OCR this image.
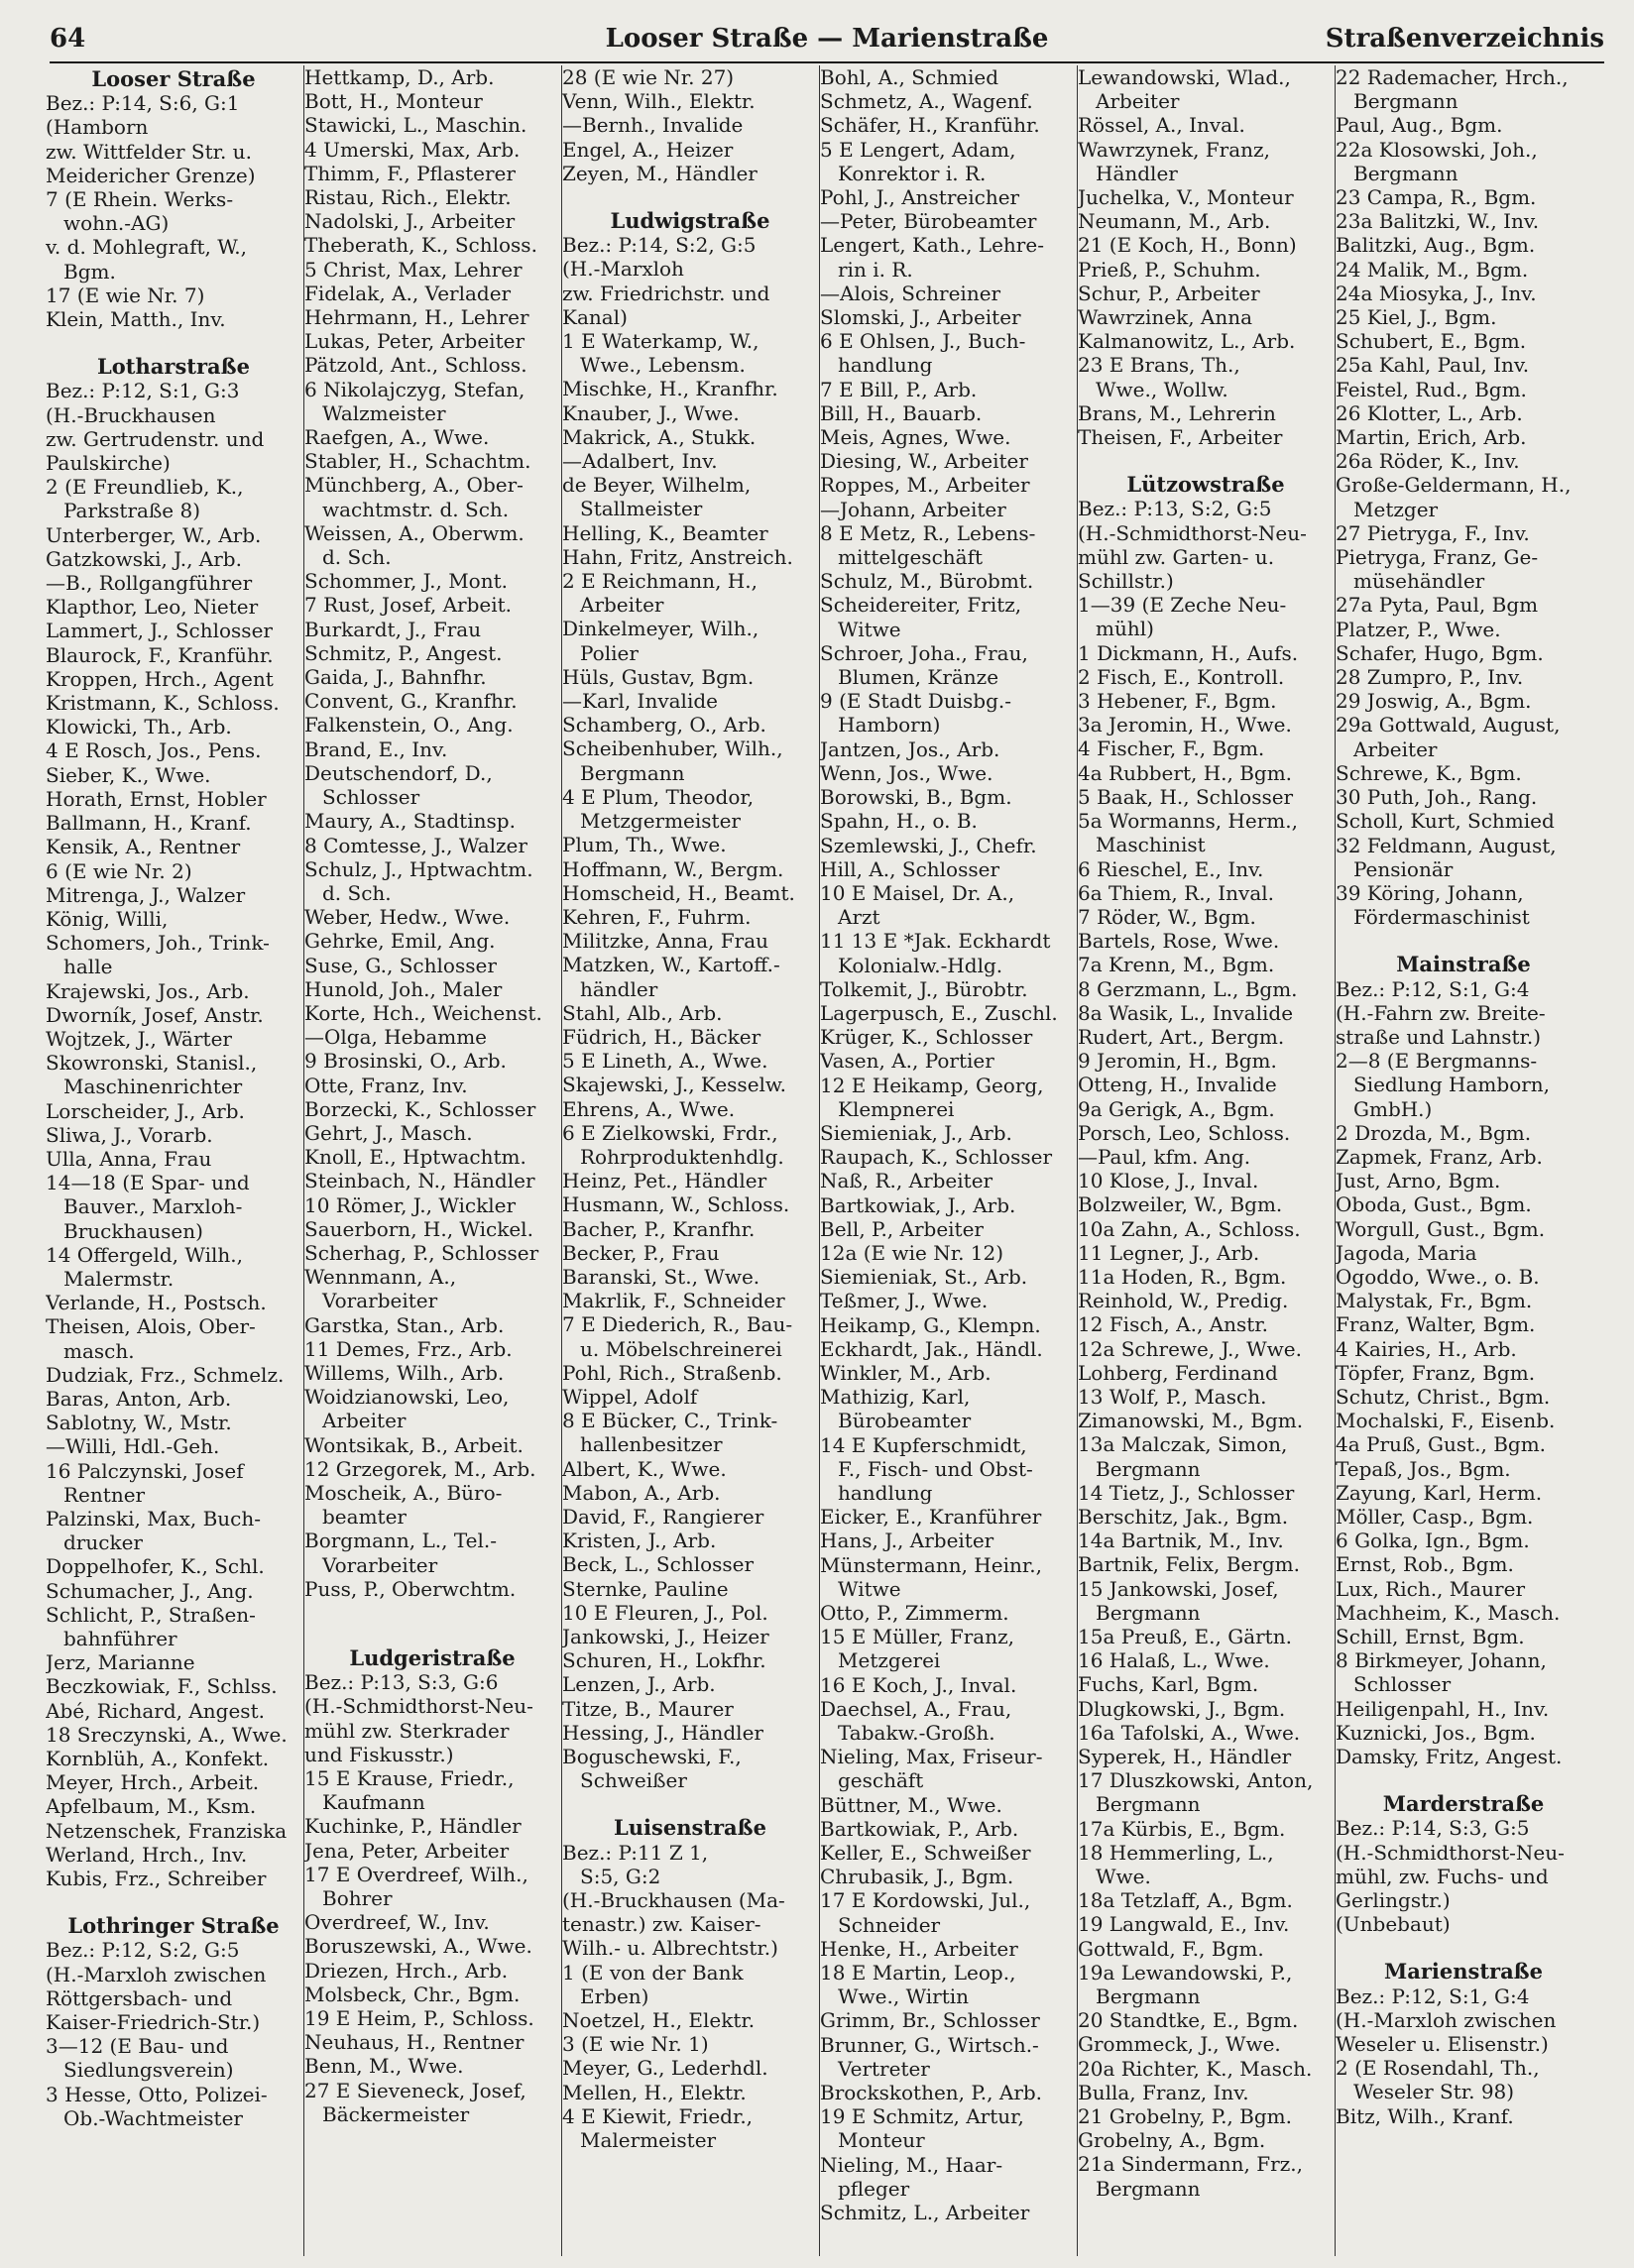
64	Looser Straße — Marienstraße	Straßenverzeichnis
Looser Straße
Bez.: P:14, S:6, G:1
(Hamborn
zw. Wittfelder Str. u.
Meidericher Grenze)
7 (E Rhein. Werks-
wohn.-AG)
v. d. Mohlegraft, W.,
Bgm.
17 (E wie Nr. 7)
Klein, Matth., Inv.
Lotharstraße
Bez.: P:12, S:1, G:3
(H.-Bruckhausen
zw. Gertrudenstr. und
Paulskirche)
2 (E Freundlieb, K.,
Parkstraße 8)
Unterberger, W., Arb.
Gatzkowski, J., Arb.
—B., Rollgangführer
Klapthor, Leo, Nieter
Lammert, J., Schlosser
Blaurock, F., Kranführ.
Kroppen, Hrch., Agent
Kristmann, K., Schloss.
Klowicki, Th., Arb.
4 E Rosch, Jos., Pens.
Sieber, K., Wwe.
Horath, Ernst, Hobler
Ballmann, H., Kranf.
Kensik, A., Rentner
6 (E wie Nr. 2)
Mitrenga, J., Walzer
König, Willi,
Schomers, Joh., Trink-
halle
Krajewski, Jos., Arb.
Dworník, Josef, Anstr.
Wojtzek, J., Wärter
Skowronski, Stanisl.,
Maschinenrichter
Lorscheider, J., Arb.
Sliwa, J., Vorarb.
Ulla, Anna, Frau
14—18 (E Spar- und
Bauver., Marxloh-
Bruckhausen)
14 Offergeld, Wilh.,
Malermstr.
Verlande, H., Postsch.
Theisen, Alois, Ober-
masch.
Dudziak, Frz., Schmelz.
Baras, Anton, Arb.
Sablotny, W., Mstr.
—Willi, Hdl.-Geh.
16 Palczynski, Josef
Rentner
Palzinski, Max, Buch-
drucker
Doppelhofer, K., Schl.
Schumacher, J., Ang.
Schlicht, P., Straßen-
bahnführer
Jerz, Marianne
Beczkowiak, F., Schlss.
Abé, Richard, Angest.
18 Sreczynski, A., Wwe.
Kornblüh, A., Konfekt.
Meyer, Hrch., Arbeit.
Apfelbaum, M., Ksm.
Netzenschek, Franziska
Werland, Hrch., Inv.
Kubis, Frz., Schreiber
Lothringer Straße
Bez.: P:12, S:2, G:5
(H.-Marxloh zwischen
Röttgersbach- und
Kaiser-Friedrich-Str.)
3—12 (E Bau- und
Siedlungsverein)
3 Hesse, Otto, Polizei-
Ob.-Wachtmeister
Hettkamp, D., Arb.
Bott, H., Monteur
Stawicki, L., Maschin.
4 Umerski, Max, Arb.
Thimm, F., Pflasterer
Ristau, Rich., Elektr.
Nadolski, J., Arbeiter
Theberath, K., Schloss.
5 Christ, Max, Lehrer
Fidelak, A., Verlader
Hehrmann, H., Lehrer
Lukas, Peter, Arbeiter
Pätzold, Ant., Schloss.
6 Nikolajczyg, Stefan,
Walzmeister
Raefgen, A., Wwe.
Stabler, H., Schachtm.
Münchberg, A., Ober-
wachtmstr. d. Sch.
Weissen, A., Oberwm.
d. Sch.
Schommer, J., Mont.
7 Rust, Josef, Arbeit.
Burkardt, J., Frau
Schmitz, P., Angest.
Gaida, J., Bahnfhr.
Convent, G., Kranfhr.
Falkenstein, O., Ang.
Brand, E., Inv.
Deutschendorf, D.,
Schlosser
Maury, A., Stadtinsp.
8 Comtesse, J., Walzer
Schulz, J., Hptwachtm.
d. Sch.
Weber, Hedw., Wwe.
Gehrke, Emil, Ang.
Suse, G., Schlosser
Hunold, Joh., Maler
Korte, Hch., Weichenst.
—Olga, Hebamme
9 Brosinski, O., Arb.
Otte, Franz, Inv.
Borzecki, K., Schlosser
Gehrt, J., Masch.
Knoll, E., Hptwachtm.
Steinbach, N., Händler
10 Römer, J., Wickler
Sauerborn, H., Wickel.
Scherhag, P., Schlosser
Wennmann, A.,
Vorarbeiter
Garstka, Stan., Arb.
11 Demes, Frz., Arb.
Willems, Wilh., Arb.
Woidzianowski, Leo,
Arbeiter
Wontsikak, B., Arbeit.
12 Grzegorek, M., Arb.
Moscheik, A., Büro-
beamter
Borgmann, L., Tel.-
Vorarbeiter
Puss, P., Oberwchtm.
Ludgeristraße
Bez.: P:13, S:3, G:6
(H.-Schmidthorst-Neu-
mühl zw. Sterkrader
und Fiskusstr.)
15 E Krause, Friedr.,
Kaufmann
Kuchinke, P., Händler
Jena, Peter, Arbeiter
17 E Overdreef, Wilh.,
Bohrer
Overdreef, W., Inv.
Boruszewski, A., Wwe.
Driezen, Hrch., Arb.
Molsbeck, Chr., Bgm.
19 E Heim, P., Schloss.
Neuhaus, H., Rentner
Benn, M., Wwe.
27 E Sieveneck, Josef,
Bäckermeister
28 (E wie Nr. 27)
Venn, Wilh., Elektr.
—Bernh., Invalide
Engel, A., Heizer
Zeyen, M., Händler
Ludwigstraße
Bez.: P:14, S:2, G:5
(H.-Marxloh
zw. Friedrichstr. und
Kanal)
1 E Waterkamp, W.,
Wwe., Lebensm.
Mischke, H., Kranfhr.
Knauber, J., Wwe.
Makrick, A., Stukk.
—Adalbert, Inv.
de Beyer, Wilhelm,
Stallmeister
Helling, K., Beamter
Hahn, Fritz, Anstreich.
2 E Reichmann, H.,
Arbeiter
Dinkelmeyer, Wilh.,
Polier
Hüls, Gustav, Bgm.
—Karl, Invalide
Schamberg, O., Arb.
Scheibenhuber, Wilh.,
Bergmann
4 E Plum, Theodor,
Metzgermeister
Plum, Th., Wwe.
Hoffmann, W., Bergm.
Homscheid, H., Beamt.
Kehren, F., Fuhrm.
Militzke, Anna, Frau
Matzken, W., Kartoff.-
händler
Stahl, Alb., Arb.
Füdrich, H., Bäcker
5 E Lineth, A., Wwe.
Skajewski, J., Kesselw.
Ehrens, A., Wwe.
6 E Zielkowski, Frdr.,
Rohrproduktenhdlg.
Heinz, Pet., Händler
Husmann, W., Schloss.
Bacher, P., Kranfhr.
Becker, P., Frau
Baranski, St., Wwe.
Makrlik, F., Schneider
7 E Diederich, R., Bau-
u. Möbelschreinerei
Pohl, Rich., Straßenb.
Wippel, Adolf
8 E Bücker, C., Trink-
hallenbesitzer
Albert, K., Wwe.
Mabon, A., Arb.
David, F., Rangierer
Kristen, J., Arb.
Beck, L., Schlosser
Sternke, Pauline
10 E Fleuren, J., Pol.
Jankowski, J., Heizer
Schuren, H., Lokfhr.
Lenzen, J., Arb.
Titze, B., Maurer
Hessing, J., Händler
Boguschewski, F.,
Schweißer
Luisenstraße
Bez.: P:11 Z 1,
S:5, G:2
(H.-Bruckhausen (Ma-
tenastr.) zw. Kaiser-
Wilh.- u. Albrechtstr.)
1 (E von der Bank
Erben)
Noetzel, H., Elektr.
3 (E wie Nr. 1)
Meyer, G., Lederhdl.
Mellen, H., Elektr.
4 E Kiewit, Friedr.,
Malermeister
Bohl, A., Schmied
Schmetz, A., Wagenf.
Schäfer, H., Kranführ.
5 E Lengert, Adam,
Konrektor i. R.
Pohl, J., Anstreicher
—Peter, Bürobeamter
Lengert, Kath., Lehre-
rin i. R.
—Alois, Schreiner
Slomski, J., Arbeiter
6 E Ohlsen, J., Buch-
handlung
7 E Bill, P., Arb.
Bill, H., Bauarb.
Meis, Agnes, Wwe.
Diesing, W., Arbeiter
Roppes, M., Arbeiter
—Johann, Arbeiter
8 E Metz, R., Lebens-
mittelgeschäft
Schulz, M., Bürobmt.
Scheidereiter, Fritz,
Witwe
Schroer, Joha., Frau,
Blumen, Kränze
9 (E Stadt Duisbg.-
Hamborn)
Jantzen, Jos., Arb.
Wenn, Jos., Wwe.
Borowski, B., Bgm.
Spahn, H., o. B.
Szemlewski, J., Chefr.
Hill, A., Schlosser
10 E Maisel, Dr. A.,
Arzt
11 13 E *Jak. Eckhardt
Kolonialw.-Hdlg.
Tolkemit, J., Bürobtr.
Lagerpusch, E., Zuschl.
Krüger, K., Schlosser
Vasen, A., Portier
12 E Heikamp, Georg,
Klempnerei
Siemieniak, J., Arb.
Raupach, K., Schlosser
Naß, R., Arbeiter
Bartkowiak, J., Arb.
Bell, P., Arbeiter
12a (E wie Nr. 12)
Siemieniak, St., Arb.
Teßmer, J., Wwe.
Heikamp, G., Klempn.
Eckhardt, Jak., Händl.
Winkler, M., Arb.
Mathizig, Karl,
Bürobeamter
14 E Kupferschmidt,
F., Fisch- und Obst-
handlung
Eicker, E., Kranführer
Hans, J., Arbeiter
Münstermann, Heinr.,
Witwe
Otto, P., Zimmerm.
15 E Müller, Franz,
Metzgerei
16 E Koch, J., Inval.
Daechsel, A., Frau,
Tabakw.-Großh.
Nieling, Max, Friseur-
geschäft
Büttner, M., Wwe.
Bartkowiak, P., Arb.
Keller, E., Schweißer
Chrubasik, J., Bgm.
17 E Kordowski, Jul.,
Schneider
Henke, H., Arbeiter
18 E Martin, Leop.,
Wwe., Wirtin
Grimm, Br., Schlosser
Brunner, G., Wirtsch.-
Vertreter
Brockskothen, P., Arb.
19 E Schmitz, Artur,
Monteur
Nieling, M., Haar-
pfleger
Schmitz, L., Arbeiter
Lewandowski, Wlad.,
Arbeiter
Rössel, A., Inval.
Wawrzynek, Franz,
Händler
Juchelka, V., Monteur
Neumann, M., Arb.
21 (E Koch, H., Bonn)
Prieß, P., Schuhm.
Schur, P., Arbeiter
Wawrzinek, Anna
Kalmanowitz, L., Arb.
23 E Brans, Th.,
Wwe., Wollw.
Brans, M., Lehrerin
Theisen, F., Arbeiter
Lützowstraße
Bez.: P:13, S:2, G:5
(H.-Schmidthorst-Neu-
mühl zw. Garten- u.
Schillstr.)
1—39 (E Zeche Neu-
mühl)
1 Dickmann, H., Aufs.
2 Fisch, E., Kontroll.
3 Hebener, F., Bgm.
3a Jeromin, H., Wwe.
4 Fischer, F., Bgm.
4a Rubbert, H., Bgm.
5 Baak, H., Schlosser
5a Wormanns, Herm.,
Maschinist
6 Rieschel, E., Inv.
6a Thiem, R., Inval.
7 Röder, W., Bgm.
Bartels, Rose, Wwe.
7a Krenn, M., Bgm.
8 Gerzmann, L., Bgm.
8a Wasik, L., Invalide
Rudert, Art., Bergm.
9 Jeromin, H., Bgm.
Otteng, H., Invalide
9a Gerigk, A., Bgm.
Porsch, Leo, Schloss.
—Paul, kfm. Ang.
10 Klose, J., Inval.
Bolzweiler, W., Bgm.
10a Zahn, A., Schloss.
11 Legner, J., Arb.
11a Hoden, R., Bgm.
Reinhold, W., Predig.
12 Fisch, A., Anstr.
12a Schrewe, J., Wwe.
Lohberg, Ferdinand
13 Wolf, P., Masch.
Zimanowski, M., Bgm.
13a Malczak, Simon,
Bergmann
14 Tietz, J., Schlosser
Berschitz, Jak., Bgm.
14a Bartnik, M., Inv.
Bartnik, Felix, Bergm.
15 Jankowski, Josef,
Bergmann
15a Preuß, E., Gärtn.
16 Halaß, L., Wwe.
Fuchs, Karl, Bgm.
Dlugkowski, J., Bgm.
16a Tafolski, A., Wwe.
Syperek, H., Händler
17 Dluszkowski, Anton,
Bergmann
17a Kürbis, E., Bgm.
18 Hemmerling, L.,
Wwe.
18a Tetzlaff, A., Bgm.
19 Langwald, E., Inv.
Gottwald, F., Bgm.
19a Lewandowski, P.,
Bergmann
20 Standtke, E., Bgm.
Grommeck, J., Wwe.
20a Richter, K., Masch.
Bulla, Franz, Inv.
21 Grobelny, P., Bgm.
Grobelny, A., Bgm.
21a Sindermann, Frz.,
Bergmann
22 Rademacher, Hrch.,
Bergmann
Paul, Aug., Bgm.
22a Klosowski, Joh.,
Bergmann
23 Campa, R., Bgm.
23a Balitzki, W., Inv.
Balitzki, Aug., Bgm.
24 Malik, M., Bgm.
24a Miosyka, J., Inv.
25 Kiel, J., Bgm.
Schubert, E., Bgm.
25a Kahl, Paul, Inv.
Feistel, Rud., Bgm.
26 Klotter, L., Arb.
Martin, Erich, Arb.
26a Röder, K., Inv.
Große-Geldermann, H.,
Metzger
27 Pietryga, F., Inv.
Pietryga, Franz, Ge-
müsehändler
27a Pyta, Paul, Bgm
Platzer, P., Wwe.
Schafer, Hugo, Bgm.
28 Zumpro, P., Inv.
29 Joswig, A., Bgm.
29a Gottwald, August,
Arbeiter
Schrewe, K., Bgm.
30 Puth, Joh., Rang.
Scholl, Kurt, Schmied
32 Feldmann, August,
Pensionär
39 Köring, Johann,
Fördermaschinist
Mainstraße
Bez.: P:12, S:1, G:4
(H.-Fahrn zw. Breite-
straße und Lahnstr.)
2—8 (E Bergmanns-
Siedlung Hamborn,
GmbH.)
2 Drozda, M., Bgm.
Zapmek, Franz, Arb.
Just, Arno, Bgm.
Oboda, Gust., Bgm.
Worgull, Gust., Bgm.
Jagoda, Maria
Ogoddo, Wwe., o. B.
Malystak, Fr., Bgm.
Franz, Walter, Bgm.
4 Kairies, H., Arb.
Töpfer, Franz, Bgm.
Schutz, Christ., Bgm.
Mochalski, F., Eisenb.
4a Pruß, Gust., Bgm.
Tepaß, Jos., Bgm.
Zayung, Karl, Herm.
Möller, Casp., Bgm.
6 Golka, Ign., Bgm.
Ernst, Rob., Bgm.
Lux, Rich., Maurer
Machheim, K., Masch.
Schill, Ernst, Bgm.
8 Birkmeyer, Johann,
Schlosser
Heiligenpahl, H., Inv.
Kuznicki, Jos., Bgm.
Damsky, Fritz, Angest.
Marderstraße
Bez.: P:14, S:3, G:5
(H.-Schmidthorst-Neu-
mühl, zw. Fuchs- und
Gerlingstr.)
(Unbebaut)
Marienstraße
Bez.: P:12, S:1, G:4
(H.-Marxloh zwischen
Weseler u. Elisenstr.)
2 (E Rosendahl, Th.,
Weseler Str. 98)
Bitz, Wilh., Kranf.
